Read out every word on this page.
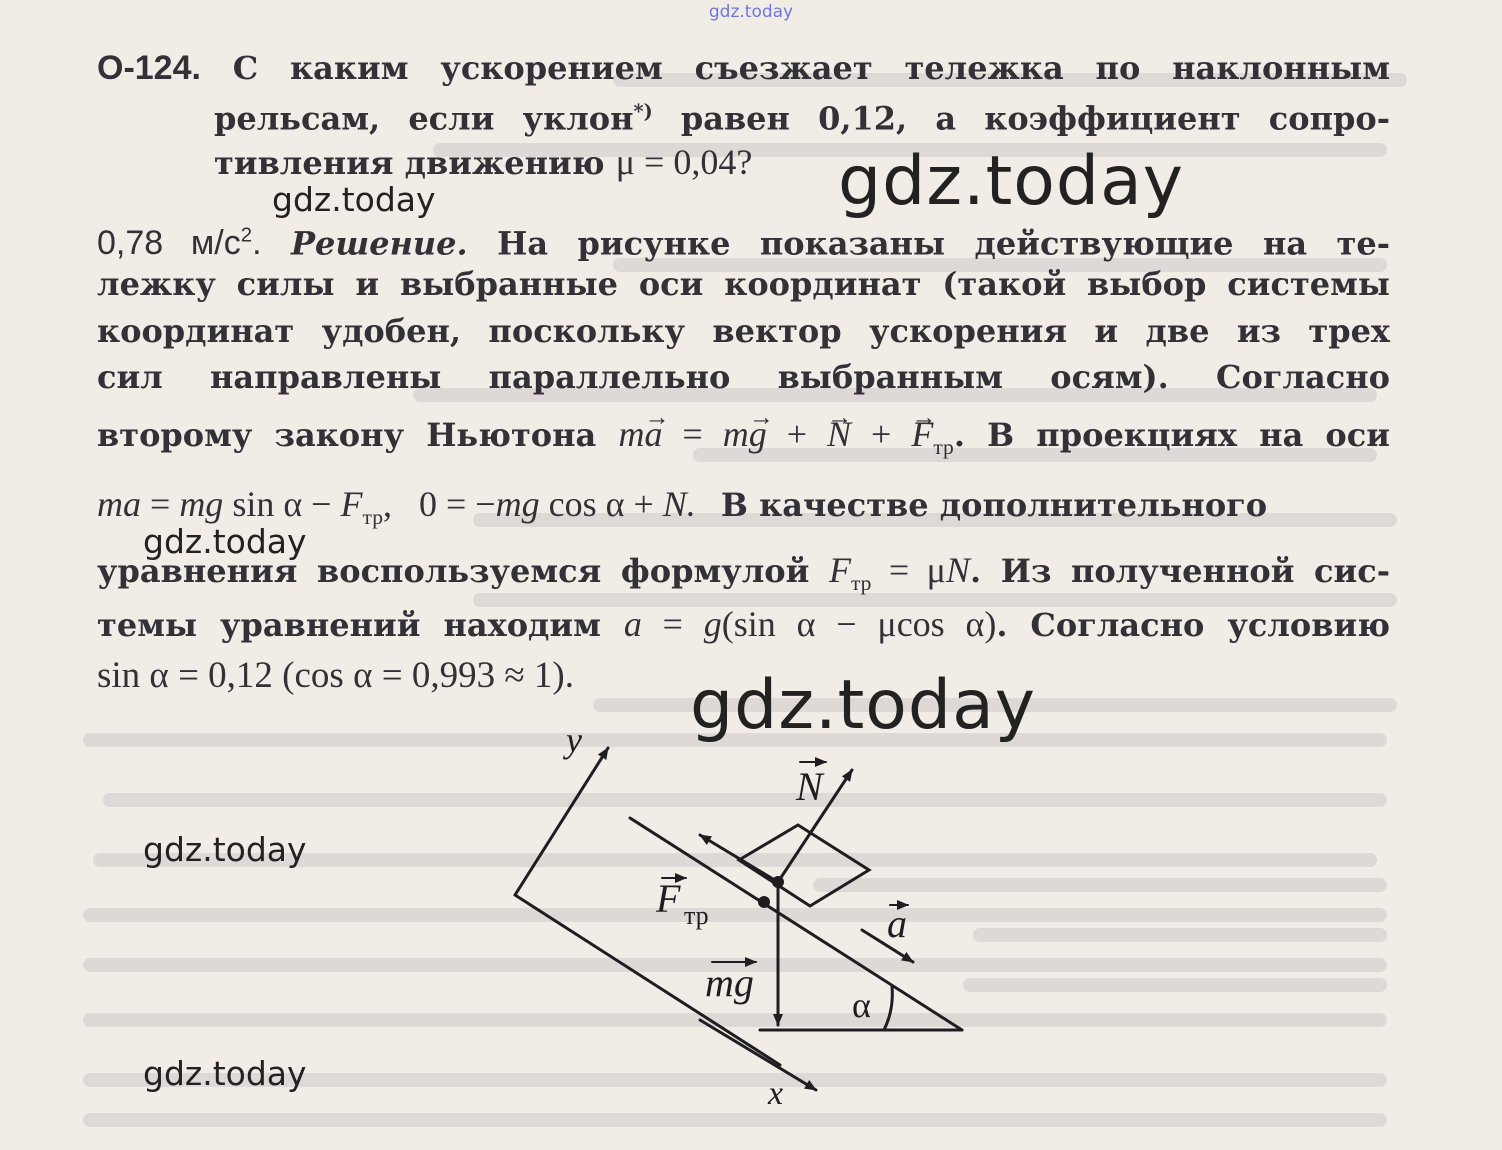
gdz.today
О-124. С каким ускорением съезжает тележка по наклонным
рельсам, если уклон*) равен 0,12, а коэффициент сопро-
тивления движению μ = 0,04? gdz.today
gdz.today
0,78 $м/с^2$. Решение. На рисунке показаны действующие на те-
лежку силы и выбранные оси координат (такой выбор системы
координат удобен, поскольку вектор ускорения и две из трех
сил направлены параллельно выбранным осям). Согласно
второму закону Ньютона m→ a = m→ g + → N + → $F_{тр}$. В проекциях на оси
ma = mg $\sin \alpha - F_{тр}$, 0 = −mg cos α + N. В качестве дополнительного
gdz.today
уравнения воспользуемся формулой $F_{тр} = \mu N$. Из полученной сис-
темы уравнений находим a = g(sin α − μcos α). Согласно условию
sin α = 0,12 (cos α = 0,993 ≈ 1). gdz.today
gdz.today
gdz.today
y
x
N
F тр	a
mg	α
